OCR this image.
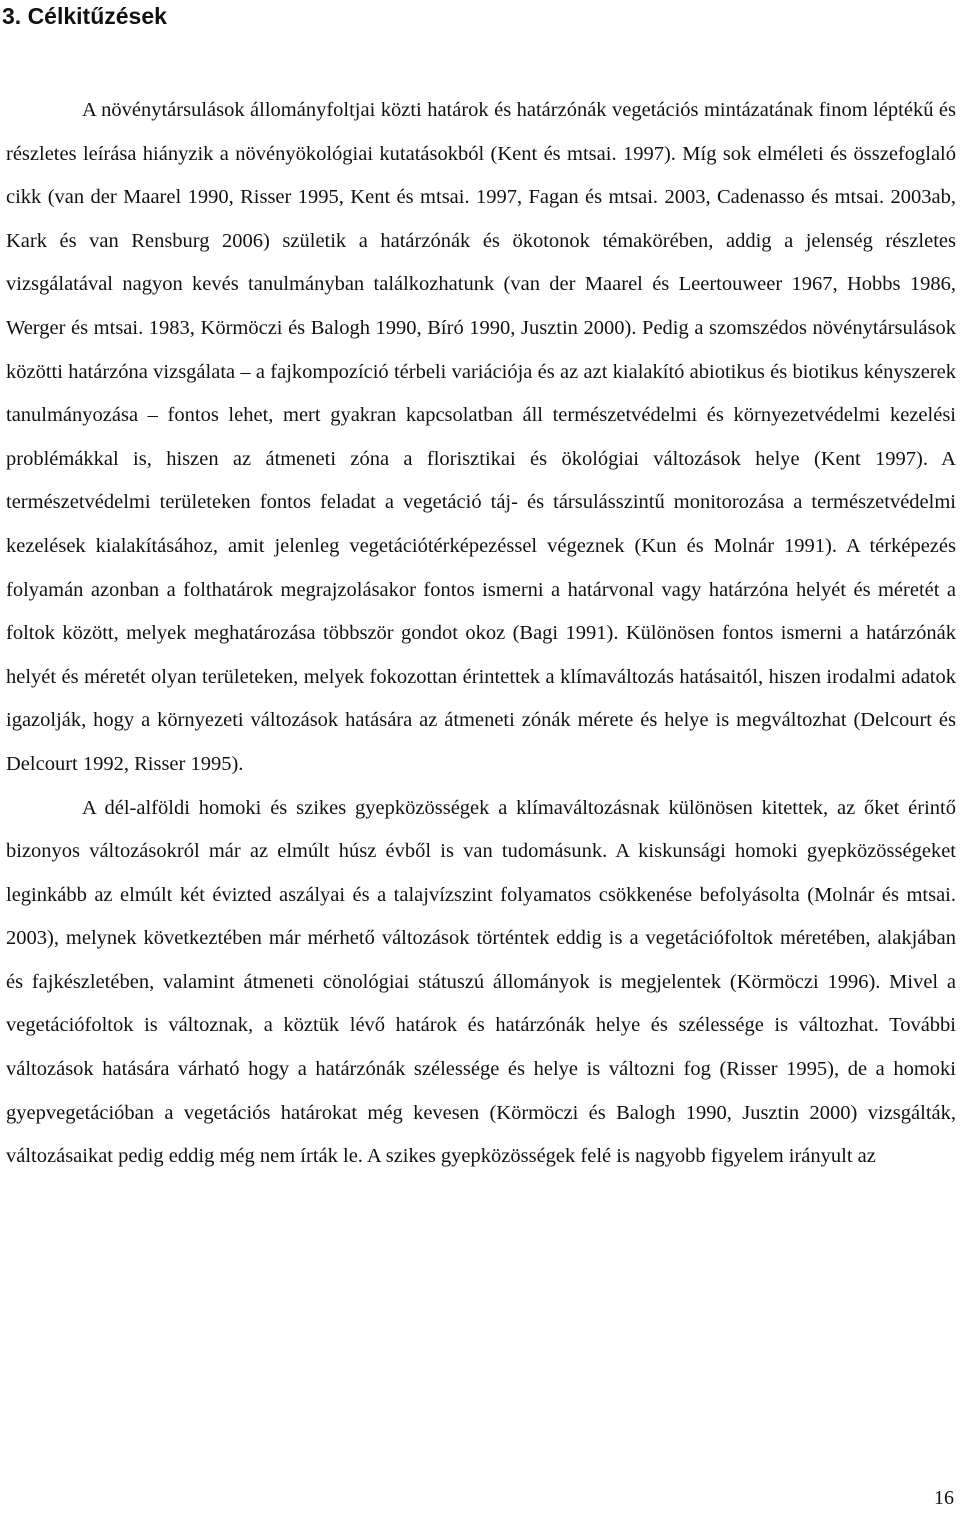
3. Célkitűzések

A növénytársulások állományfoltjai közti határok és határzónák vegetációs mintázatának finom léptékű és részletes leírása hiányzik a növényökológiai kutatásokból (Kent és mtsai. 1997). Míg sok elméleti és összefoglaló cikk (van der Maarel 1990, Risser 1995, Kent és mtsai. 1997, Fagan és mtsai. 2003, Cadenasso és mtsai. 2003ab, Kark és van Rensburg 2006) születik a határzónák és ökotonok témakörében, addig a jelenség részletes vizsgálatával nagyon kevés tanulmányban találkozhatunk (van der Maarel és Leertouweer 1967, Hobbs 1986, Werger és mtsai. 1983, Körmöczi és Balogh 1990, Bíró 1990, Jusztin 2000). Pedig a szomszédos növénytársulások közötti határzóna vizsgálata – a fajkompozíció térbeli variációja és az azt kialakító abiotikus és biotikus kényszerek tanulmányozása – fontos lehet, mert gyakran kapcsolatban áll természetvédelmi és környezetvédelmi kezelési problémákkal is, hiszen az átmeneti zóna a florisztikai és ökológiai változások helye (Kent 1997). A természetvédelmi területeken fontos feladat a vegetáció táj- és társulásszintű monitorozása a természetvédelmi kezelések kialakításához, amit jelenleg vegetációtérképezéssel végeznek (Kun és Molnár 1991). A térképezés folyamán azonban a folthatárok megrajzolásakor fontos ismerni a határvonal vagy határzóna helyét és méretét a foltok között, melyek meghatározása többször gondot okoz (Bagi 1991). Különösen fontos ismerni a határzónák helyét és méretét olyan területeken, melyek fokozottan érintettek a klímaváltozás hatásaitól, hiszen irodalmi adatok igazolják, hogy a környezeti változások hatására az átmeneti zónák mérete és helye is megváltozhat (Delcourt és Delcourt 1992, Risser 1995).

A dél-alföldi homoki és szikes gyepközösségek a klímaváltozásnak különösen kitettek, az őket érintő bizonyos változásokról már az elmúlt húsz évből is van tudomásunk. A kiskunsági homoki gyepközösségeket leginkább az elmúlt két évizted aszályai és a talajvízszint folyamatos csökkenése befolyásolta (Molnár és mtsai. 2003), melynek következtében már mérhető változások történtek eddig is a vegetációfoltok méretében, alakjában és fajkészletében, valamint átmeneti cönológiai státuszú állományok is megjelentek (Körmöczi 1996). Mivel a vegetációfoltok is változnak, a köztük lévő határok és határzónák helye és szélessége is változhat. További változások hatására várható hogy a határzónák szélessége és helye is változni fog (Risser 1995), de a homoki gyepvegetációban a vegetációs határokat még kevesen (Körmöczi és Balogh 1990, Jusztin 2000) vizsgálták, változásaikat pedig eddig még nem írták le. A szikes gyepközösségek felé is nagyobb figyelem irányult az

16
